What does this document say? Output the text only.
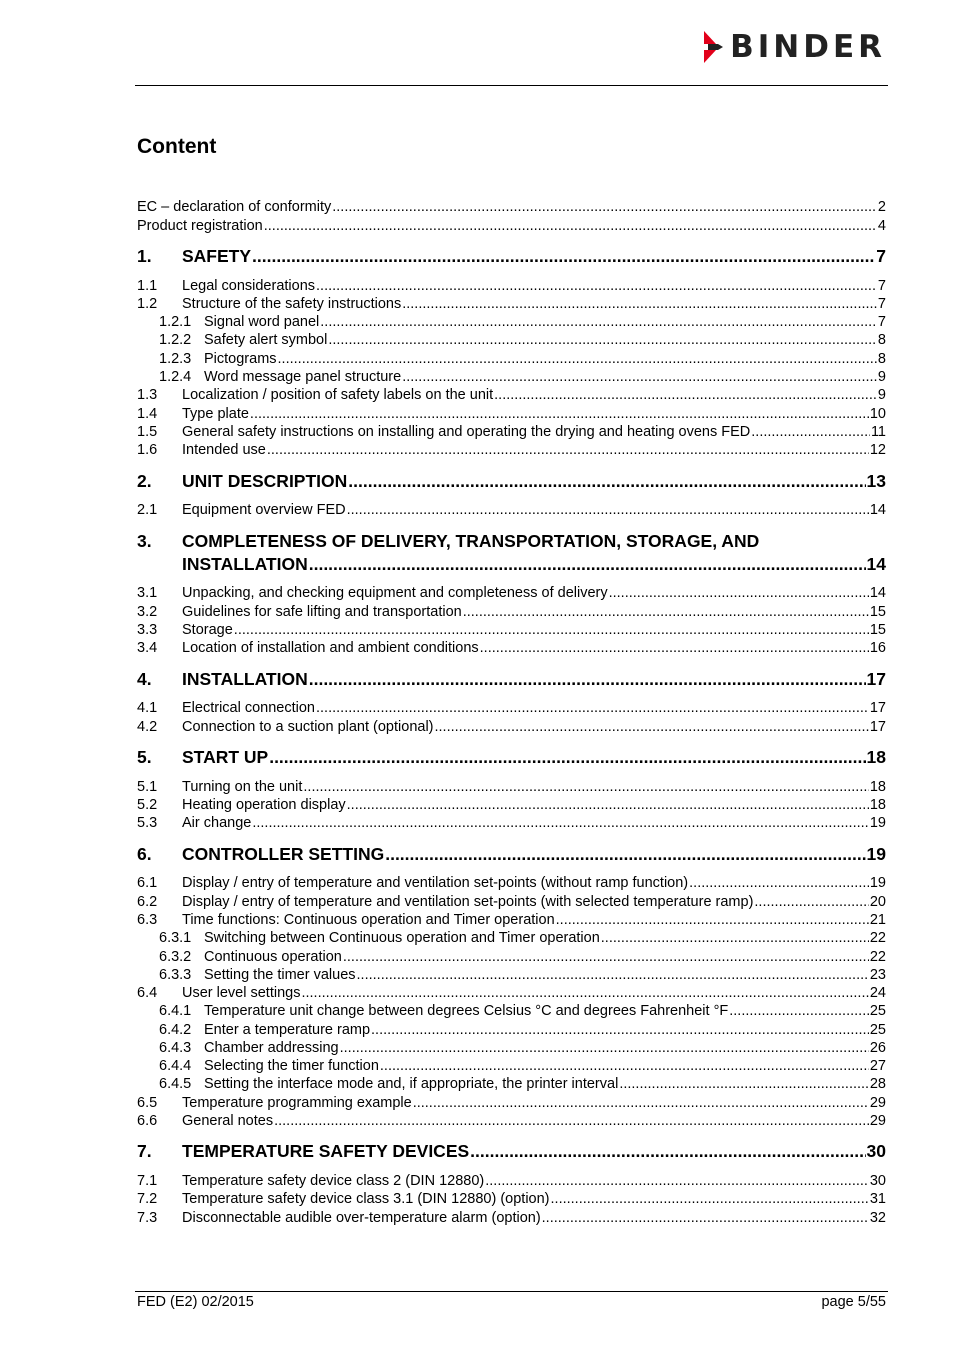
BINDER
Content
EC – declaration of conformity .....	2
Product registration .....	4
1.	SAFETY .....	7
1.1	Legal considerations .....	7
1.2	Structure of the safety instructions .....	7
1.2.1 Signal word panel .....	7
1.2.2 Safety alert symbol .....	8
1.2.3 Pictograms .....	8
1.2.4 Word message panel structure .....	9
1.3	Localization / position of safety labels on the unit .....	9
1.4	Type plate .....	10
1.5	General safety instructions on installing and operating the drying and heating ovens FED .....	11
1.6	Intended use .....	12
2.	UNIT DESCRIPTION .....	13
2.1	Equipment overview FED .....	14
3.	COMPLETENESS OF DELIVERY, TRANSPORTATION, STORAGE, AND
INSTALLATION .....	14
3.1	Unpacking, and checking equipment and completeness of delivery .....	14
3.2	Guidelines for safe lifting and transportation .....	15
3.3	Storage .....	15
3.4	Location of installation and ambient conditions .....	16
4.	INSTALLATION .....	17
4.1	Electrical connection .....	17
4.2	Connection to a suction plant (optional) .....	17
5.	START UP .....	18
5.1	Turning on the unit .....	18
5.2	Heating operation display .....	18
5.3	Air change .....	19
6.	CONTROLLER SETTING .....	19
6.1	Display / entry of temperature and ventilation set-points (without ramp function) .....	19
6.2	Display / entry of temperature and ventilation set-points (with selected temperature ramp) .....	20
6.3	Time functions: Continuous operation and Timer operation .....	21
6.3.1 Switching between Continuous operation and Timer operation .....	22
6.3.2 Continuous operation .....	22
6.3.3 Setting the timer values .....	23
6.4	User level settings .....	24
6.4.1 Temperature unit change between degrees Celsius °C and degrees Fahrenheit °F .....	25
6.4.2 Enter a temperature ramp .....	25
6.4.3 Chamber addressing .....	26
6.4.4 Selecting the timer function .....	27
6.4.5 Setting the interface mode and, if appropriate, the printer interval .....	28
6.5	Temperature programming example .....	29
6.6	General notes .....	29
7.	TEMPERATURE SAFETY DEVICES .....	30
7.1	Temperature safety device class 2 (DIN 12880) .....	30
7.2	Temperature safety device class 3.1 (DIN 12880) (option) .....	31
7.3	Disconnectable audible over-temperature alarm (option) .....	32
FED (E2) 02/2015	page 5/55
